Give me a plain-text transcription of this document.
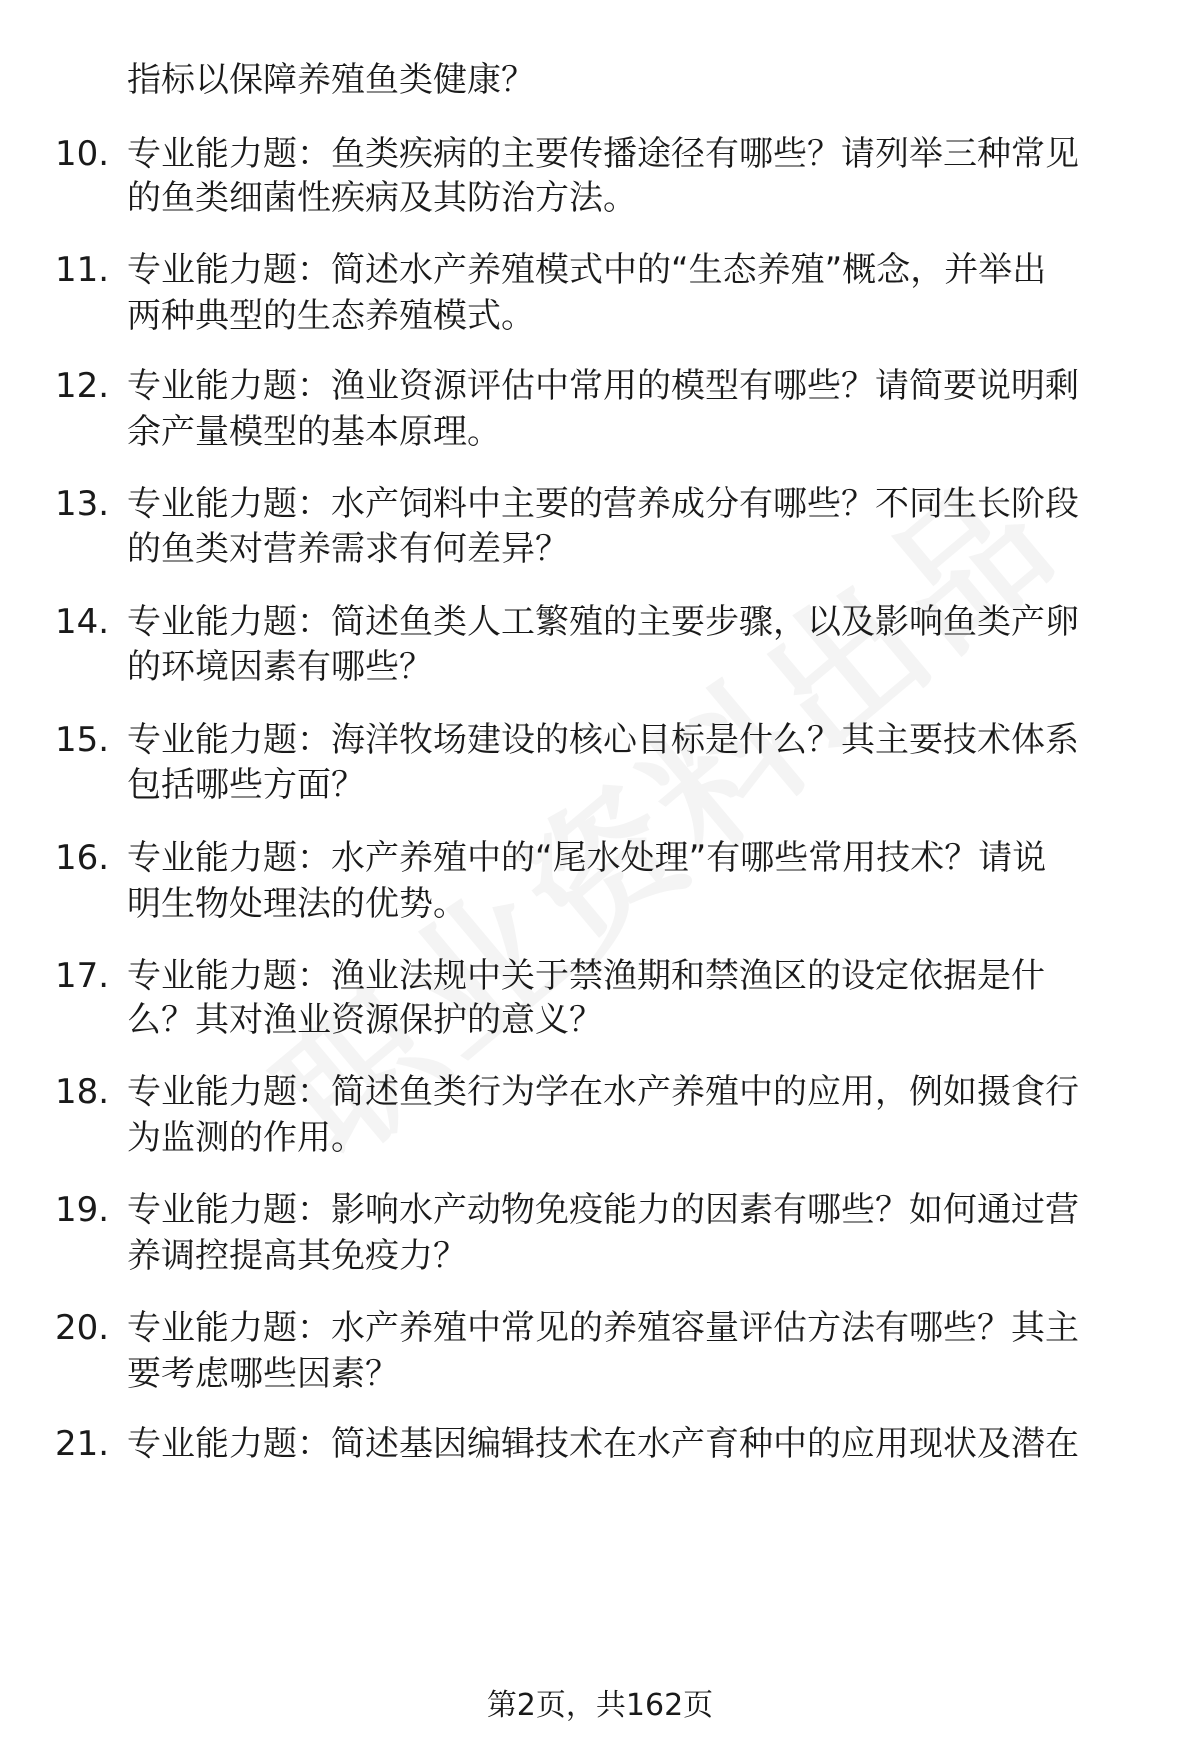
指标以保障养殖鱼类健康？
10. 专业能力题：鱼类疾病的主要传播途径有哪些？请列举三种常见
的鱼类细菌性疾病及其防治方法。
11. 专业能力题：简述水产养殖模式中的“生态养殖”概念，并举出
两种典型的生态养殖模式。
12. 专业能力题：渔业资源评估中常用的模型有哪些？请简要说明剩
余产量模型的基本原理。
13. 专业能力题：水产饲料中主要的营养成分有哪些？不同生长阶段
的鱼类对营养需求有何差异？
14. 专业能力题：简述鱼类人工繁殖的主要步骤，以及影响鱼类产卵
的环境因素有哪些？
15. 专业能力题：海洋牧场建设的核心目标是什么？其主要技术体系
包括哪些方面？
16. 专业能力题：水产养殖中的“尾水处理”有哪些常用技术？请说
明生物处理法的优势。
17. 专业能力题：渔业法规中关于禁渔期和禁渔区的设定依据是什
么？其对渔业资源保护的意义？
18. 专业能力题：简述鱼类行为学在水产养殖中的应用，例如摄食行
为监测的作用。
19. 专业能力题：影响水产动物免疫能力的因素有哪些？如何通过营
养调控提高其免疫力？
20. 专业能力题：水产养殖中常见的养殖容量评估方法有哪些？其主
要考虑哪些因素？
21. 专业能力题：简述基因编辑技术在水产育种中的应用现状及潜在
第2页，共162页
